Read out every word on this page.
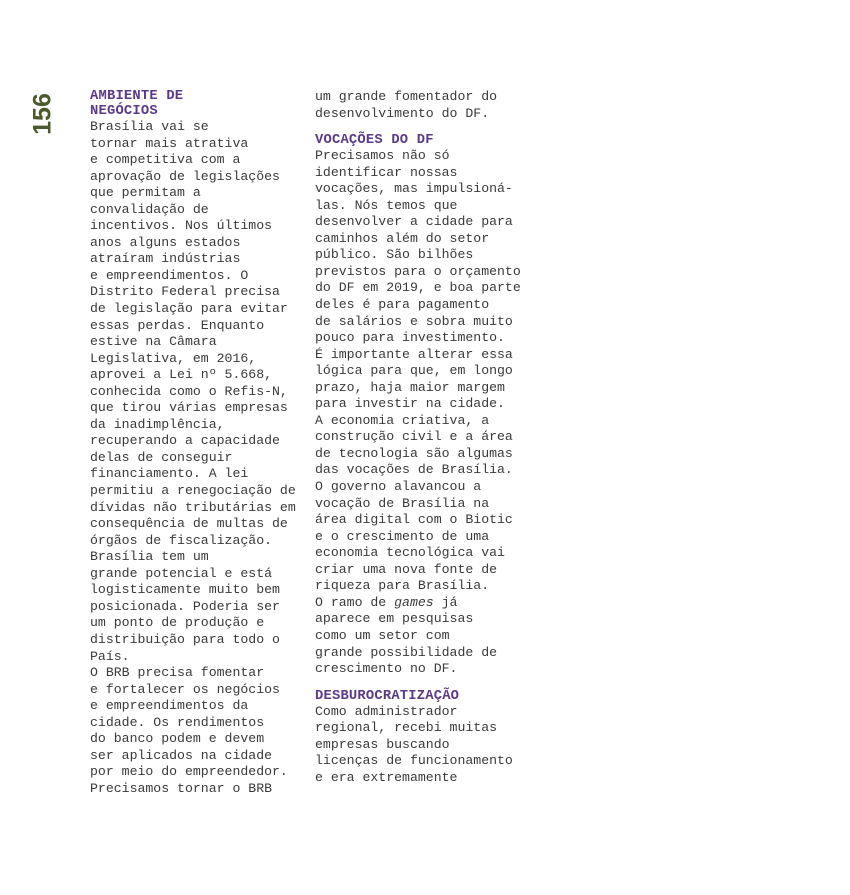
156 AMBIENTE DE
NEGÓCIOS

Brasília vai se

tornar mais atrativa

e competitiva com a

aprovação de legislações

que permitam a

convalidação de

incentivos. Nos últimos

anos alguns estados

atraíram indústrias

e empreendimentos. O

Distrito Federal precisa

de legislação para evitar

essas perdas. Enquanto

estive na Câmara

Legislativa, em 2016,

aprovei a Lei nº 5.668,

conhecida como o Refis-N,

que tirou várias empresas

da inadimplência,

recuperando a capacidade

delas de conseguir

financiamento. A lei

permitiu a renegociação de

dívidas não tributárias em

consequência de multas de

órgãos de fiscalização.

Brasília tem um

grande potencial e está

logisticamente muito bem

posicionada. Poderia ser

um ponto de produção e

distribuição para todo o

País.

O BRB precisa fomentar

e fortalecer os negócios

e empreendimentos da

cidade. Os rendimentos

do banco podem e devem

ser aplicados na cidade

por meio do empreendedor.

Precisamos tornar o BRB

um grande fomentador do

desenvolvimento do DF.

VOCAÇÕES DO DF

Precisamos não só

identificar nossas

vocações, mas impulsioná-

las. Nós temos que

desenvolver a cidade para

caminhos além do setor

público. São bilhões

previstos para o orçamento

do DF em 2019, e boa parte

deles é para pagamento

de salários e sobra muito

pouco para investimento.

É importante alterar essa

lógica para que, em longo

prazo, haja maior margem

para investir na cidade.

A economia criativa, a

construção civil e a área

de tecnologia são algumas

das vocações de Brasília.

O governo alavancou a

vocação de Brasília na

área digital com o Biotic

e o crescimento de uma

economia tecnológica vai

criar uma nova fonte de

riqueza para Brasília.

O ramo de games já

aparece em pesquisas

como um setor com

grande possibilidade de

crescimento no DF.

DESBUROCRATIZAÇÃO

Como administrador

regional, recebi muitas

empresas buscando

licenças de funcionamento

e era extremamente
